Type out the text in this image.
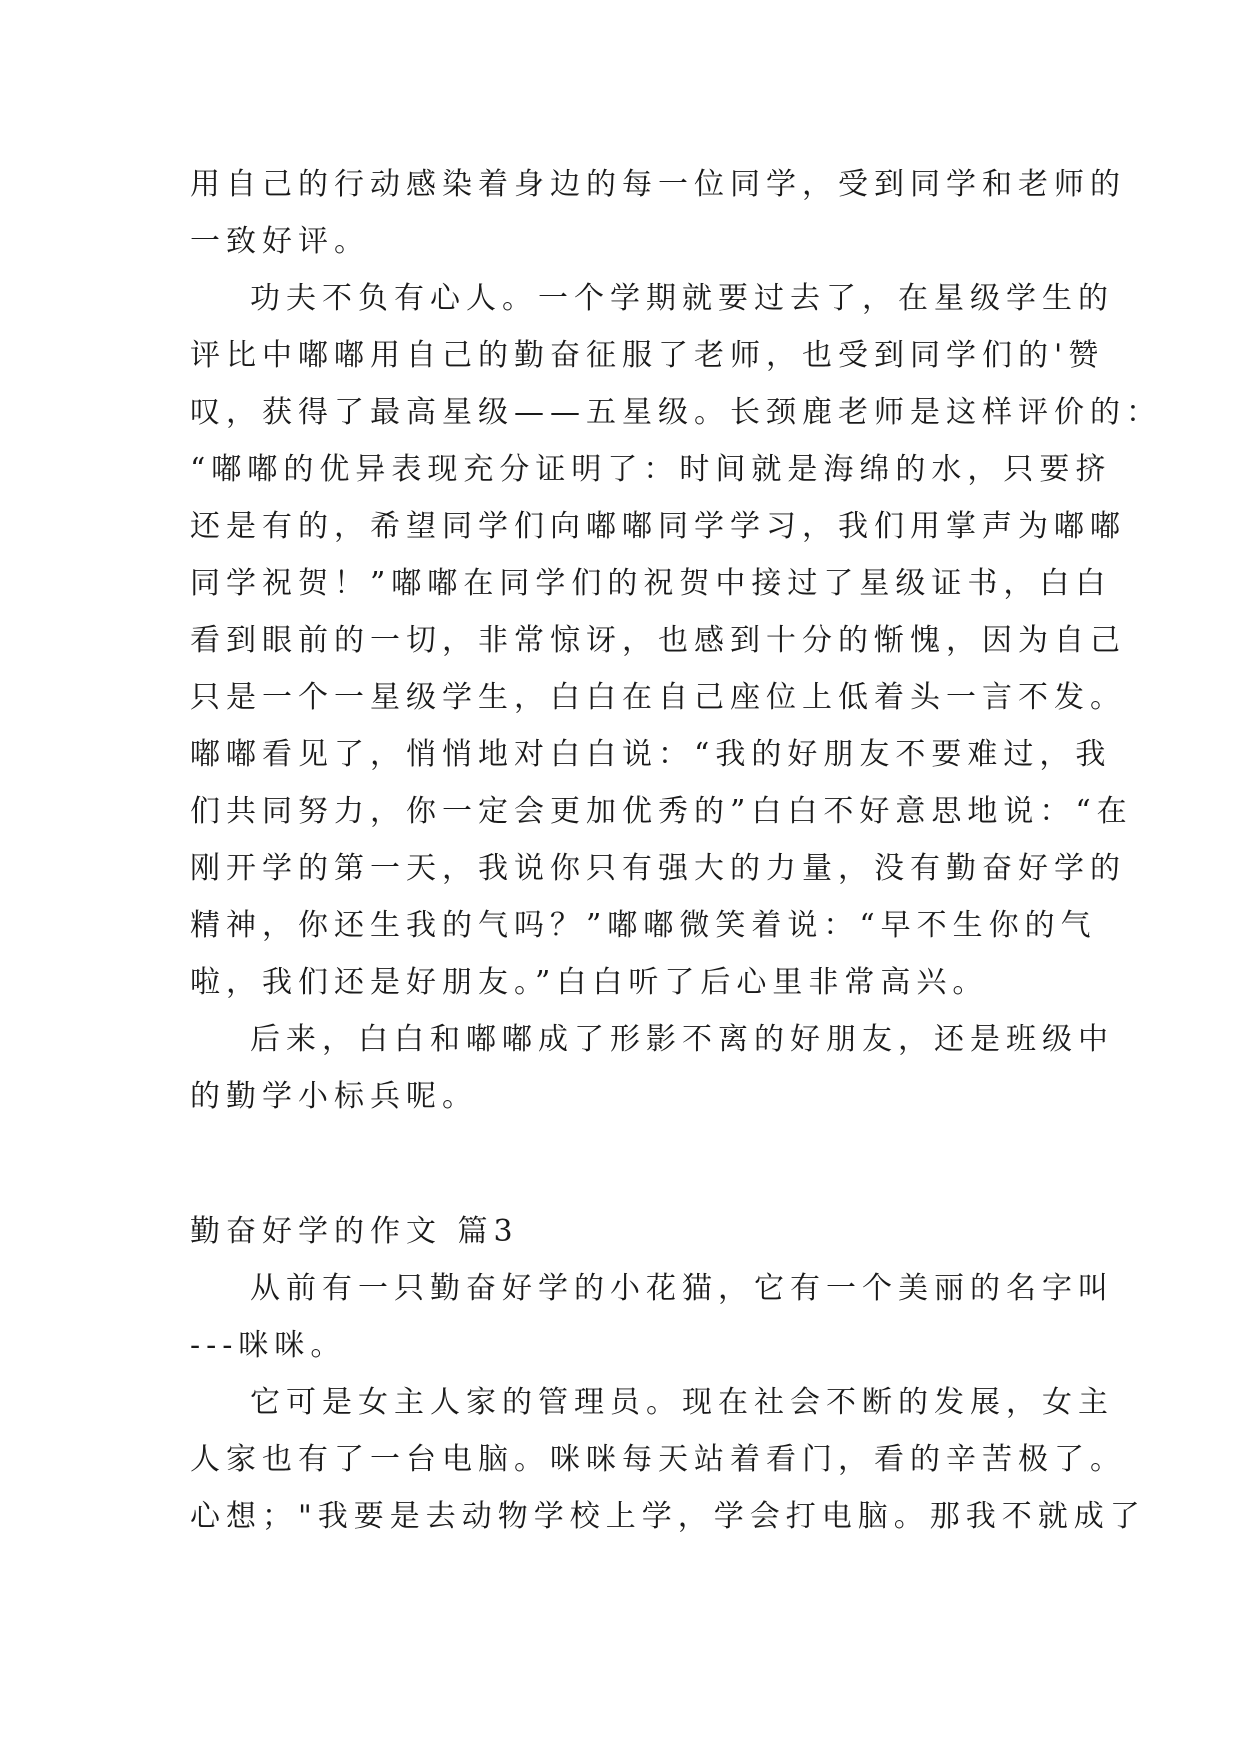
用自己的行动感染着身边的每一位同学，受到同学和老师的
一致好评。
功夫不负有心人。一个学期就要过去了，在星级学生的
评比中嘟嘟用自己的勤奋征服了老师，也受到同学们的'赞
叹，获得了最高星级——五星级。长颈鹿老师是这样评价的：
“嘟嘟的优异表现充分证明了：时间就是海绵的水，只要挤
还是有的，希望同学们向嘟嘟同学学习，我们用掌声为嘟嘟
同学祝贺！”嘟嘟在同学们的祝贺中接过了星级证书，白白
看到眼前的一切，非常惊讶，也感到十分的惭愧，因为自己
只是一个一星级学生，白白在自己座位上低着头一言不发。
嘟嘟看见了，悄悄地对白白说：“我的好朋友不要难过，我
们共同努力，你一定会更加优秀的”白白不好意思地说：“在
刚开学的第一天，我说你只有强大的力量，没有勤奋好学的
精神，你还生我的气吗？”嘟嘟微笑着说：“早不生你的气
啦，我们还是好朋友。”白白听了后心里非常高兴。
后来，白白和嘟嘟成了形影不离的好朋友，还是班级中
的勤学小标兵呢。
勤奋好学的作文 篇3
从前有一只勤奋好学的小花猫，它有一个美丽的名字叫
---咪咪。
它可是女主人家的管理员。现在社会不断的发展，女主
人家也有了一台电脑。咪咪每天站着看门，看的辛苦极了。
心想；"我要是去动物学校上学，学会打电脑。那我不就成了
